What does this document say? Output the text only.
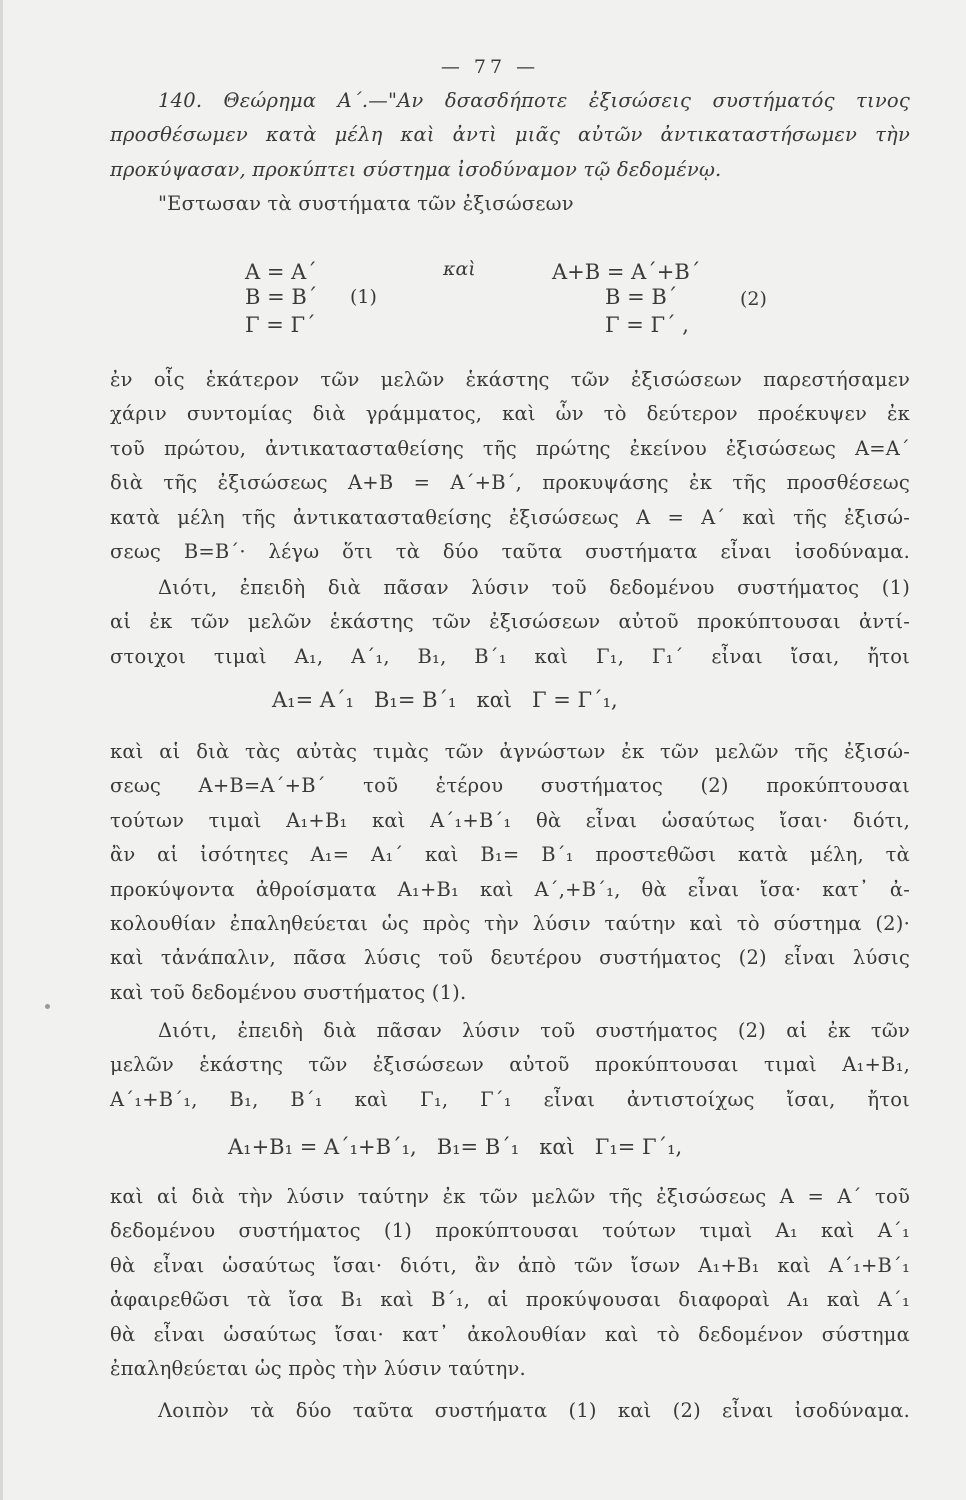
— 77 —
140. Θεώρημα Α΄.—"Αν δσασδήποτε ἐξισώσεις συστήματός τινος
προσθέσωμεν κατὰ μέλη καὶ ἀντὶ μιᾶς αὐτῶν ἀντικαταστήσωμεν τὴν
προκύψασαν, προκύπτει σύστημα ἰσοδύναμον τῷ δεδομένῳ.
"Εστωσαν τὰ συστήματα τῶν ἐξισώσεων
A = A΄
B = B΄
Γ = Γ΄
(1)
καὶ	A+B = A΄+B΄
B = B΄
Γ = Γ΄ ,
(2)
ἐν οἷς ἑκάτερον τῶν μελῶν ἑκάστης τῶν ἐξισώσεων παρεστήσαμεν
χάριν συντομίας διὰ γράμματος, καὶ ὧν τὸ δεύτερον προέκυψεν ἐκ
τοῦ πρώτου, ἀντικατασταθείσης τῆς πρώτης ἐκείνου ἐξισώσεως A=A΄
διὰ τῆς ἐξισώσεως A+B = A΄+B΄, προκυψάσης ἐκ τῆς προσθέσεως
κατὰ μέλη τῆς ἀντικατασταθείσης ἐξισώσεως A = A΄ καὶ τῆς ἐξισώ-
σεως B=B΄· λέγω ὅτι τὰ δύο ταῦτα συστήματα εἶναι ἰσοδύναμα.
Διότι, ἐπειδὴ διὰ πᾶσαν λύσιν τοῦ δεδομένου συστήματος (1)
αἱ ἐκ τῶν μελῶν ἑκάστης τῶν ἐξισώσεων αὐτοῦ προκύπτουσαι ἀντί-
στοιχοι τιμαὶ A₁, A΄₁, B₁, B΄₁ καὶ Γ₁, Γ₁΄ εἶναι ἴσαι, ἤτοι
A₁= A΄₁   B₁= B΄₁   καὶ   Γ = Γ΄₁,
καὶ αἱ διὰ τὰς αὐτὰς τιμὰς τῶν ἀγνώστων ἐκ τῶν μελῶν τῆς ἐξισώ-
σεως A+B=A΄+B΄ τοῦ ἑτέρου συστήματος (2) προκύπτουσαι
τούτων τιμαὶ A₁+B₁ καὶ A΄₁+B΄₁ θὰ εἶναι ὡσαύτως ἴσαι· διότι,
ἂν αἱ ἰσότητες A₁= A₁΄ καὶ B₁= B΄₁ προστεθῶσι κατὰ μέλη, τὰ
προκύψοντα ἀθροίσματα A₁+B₁ καὶ A΄,+B΄₁, θὰ εἶναι ἴσα· κατ᾿ ἀ-
κολουθίαν ἐπαληθεύεται ὡς πρὸς τὴν λύσιν ταύτην καὶ τὸ σύστημα (2)·
καὶ τἀνάπαλιν, πᾶσα λύσις τοῦ δευτέρου συστήματος (2) εἶναι λύσις
καὶ τοῦ δεδομένου συστήματος (1).
Διότι, ἐπειδὴ διὰ πᾶσαν λύσιν τοῦ συστήματος (2) αἱ ἐκ τῶν
μελῶν ἑκάστης τῶν ἐξισώσεων αὐτοῦ προκύπτουσαι τιμαὶ A₁+B₁,
A΄₁+B΄₁, B₁, B΄₁ καὶ Γ₁, Γ΄₁ εἶναι ἀντιστοίχως ἴσαι, ἤτοι
A₁+B₁ = A΄₁+B΄₁,   B₁= B΄₁   καὶ   Γ₁= Γ΄₁,
καὶ αἱ διὰ τὴν λύσιν ταύτην ἐκ τῶν μελῶν τῆς ἐξισώσεως A = A΄ τοῦ
δεδομένου συστήματος (1) προκύπτουσαι τούτων τιμαὶ A₁ καὶ A΄₁
θὰ εἶναι ὡσαύτως ἴσαι· διότι, ἂν ἀπὸ τῶν ἴσων A₁+B₁ καὶ A΄₁+B΄₁
ἀφαιρεθῶσι τὰ ἴσα B₁ καὶ B΄₁, αἱ προκύψουσαι διαφοραὶ A₁ καὶ A΄₁
θὰ εἶναι ὡσαύτως ἴσαι· κατ᾿ ἀκολουθίαν καὶ τὸ δεδομένον σύστημα
ἐπαληθεύεται ὡς πρὸς τὴν λύσιν ταύτην.
Λοιπὸν τὰ δύο ταῦτα συστήματα (1) καὶ (2) εἶναι ἰσοδύναμα.
